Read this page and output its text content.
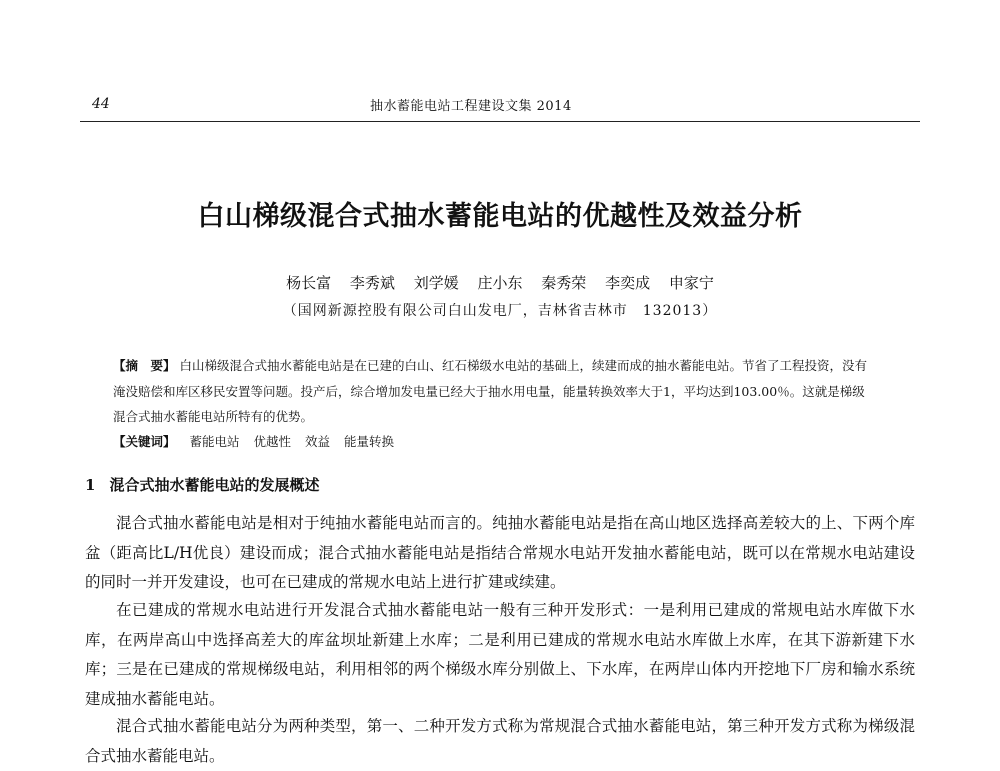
44	抽水蓄能电站工程建设文集 2014
白山梯级混合式抽水蓄能电站的优越性及效益分析
杨长富 李秀斌 刘学媛 庄小东 秦秀荣 李奕成 申家宁
（国网新源控股有限公司白山发电厂，吉林省吉林市　132013）
【摘　要】 白山梯级混合式抽水蓄能电站是在已建的白山、红石梯级水电站的基础上，续建而成的抽水蓄能电站。节省了工程投资，没有淹没赔偿和库区移民安置等问题。投产后，综合增加发电量已经大于抽水用电量，能量转换效率大于1，平均达到103.00％。这就是梯级混合式抽水蓄能电站所特有的优势。
【关键词】 蓄能电站 优越性 效益 能量转换
1 混合式抽水蓄能电站的发展概述
混合式抽水蓄能电站是相对于纯抽水蓄能电站而言的。纯抽水蓄能电站是指在高山地区选择高差较大的上、下两个库盆（距高比L/H优良）建设而成；混合式抽水蓄能电站是指结合常规水电站开发抽水蓄能电站，既可以在常规水电站建设的同时一并开发建设，也可在已建成的常规水电站上进行扩建或续建。
在已建成的常规水电站进行开发混合式抽水蓄能电站一般有三种开发形式：一是利用已建成的常规电站水库做下水库，在两岸高山中选择高差大的库盆坝址新建上水库；二是利用已建成的常规水电站水库做上水库，在其下游新建下水库；三是在已建成的常规梯级电站，利用相邻的两个梯级水库分别做上、下水库，在两岸山体内开挖地下厂房和输水系统建成抽水蓄能电站。
混合式抽水蓄能电站分为两种类型，第一、二种开发方式称为常规混合式抽水蓄能电站，第三种开发方式称为梯级混合式抽水蓄能电站。
